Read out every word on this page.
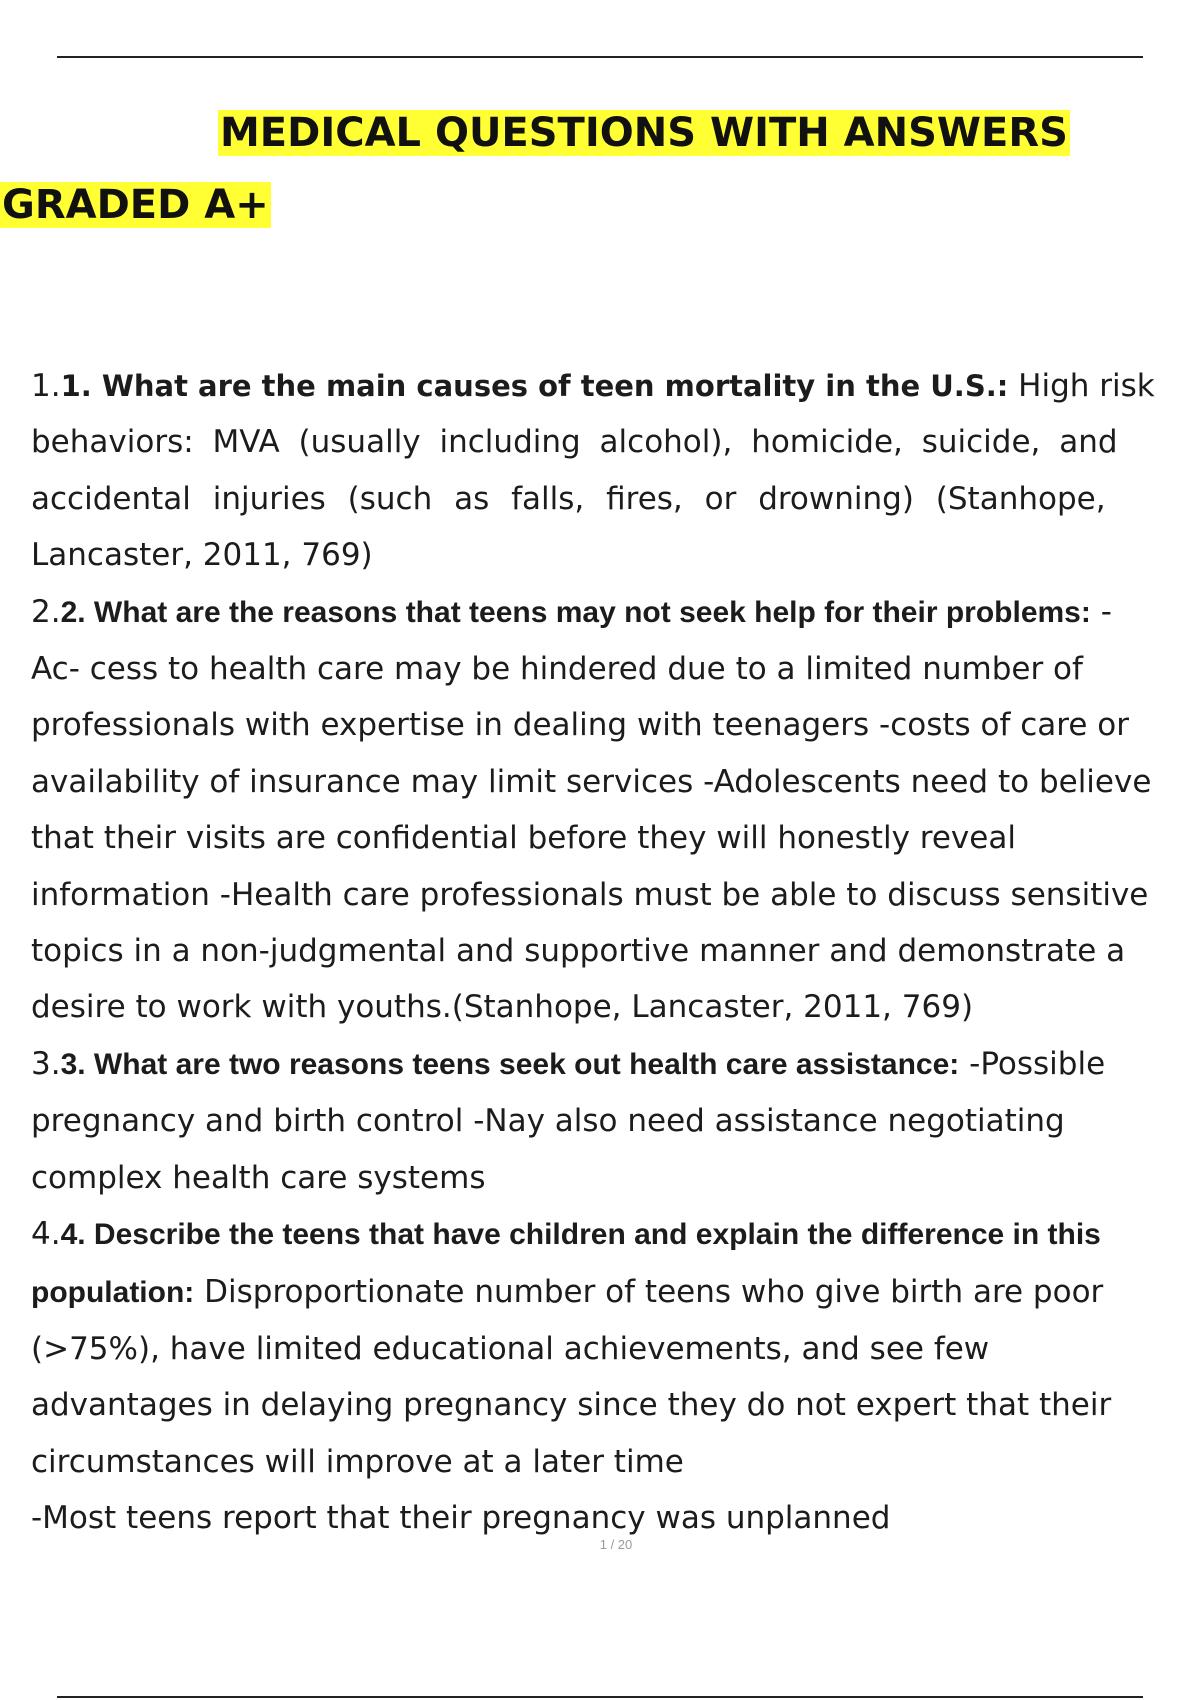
MEDICAL QUESTIONS WITH ANSWERS
GRADED A+
1.1. What are the main causes of teen mortality in the U.S.: High risk
behaviors: MVA (usually including alcohol), homicide, suicide, and
accidental injuries (such as falls, fires, or drowning) (Stanhope,
Lancaster, 2011, 769)
2.2. What are the reasons that teens may not seek help for their problems: -
Ac- cess to health care may be hindered due to a limited number of
professionals with expertise in dealing with teenagers -costs of care or
availability of insurance may limit services -Adolescents need to believe
that their visits are confidential before they will honestly reveal
information -Health care professionals must be able to discuss sensitive
topics in a non-judgmental and supportive manner and demonstrate a
desire to work with youths.(Stanhope, Lancaster, 2011, 769)
3.3. What are two reasons teens seek out health care assistance: -Possible
pregnancy and birth control -Nay also need assistance negotiating
complex health care systems
4.4. Describe the teens that have children and explain the difference in this
population: Disproportionate number of teens who give birth are poor
(>75%), have limited educational achievements, and see few
advantages in delaying pregnancy since they do not expert that their
circumstances will improve at a later time
-Most teens report that their pregnancy was unplanned
1 / 20
